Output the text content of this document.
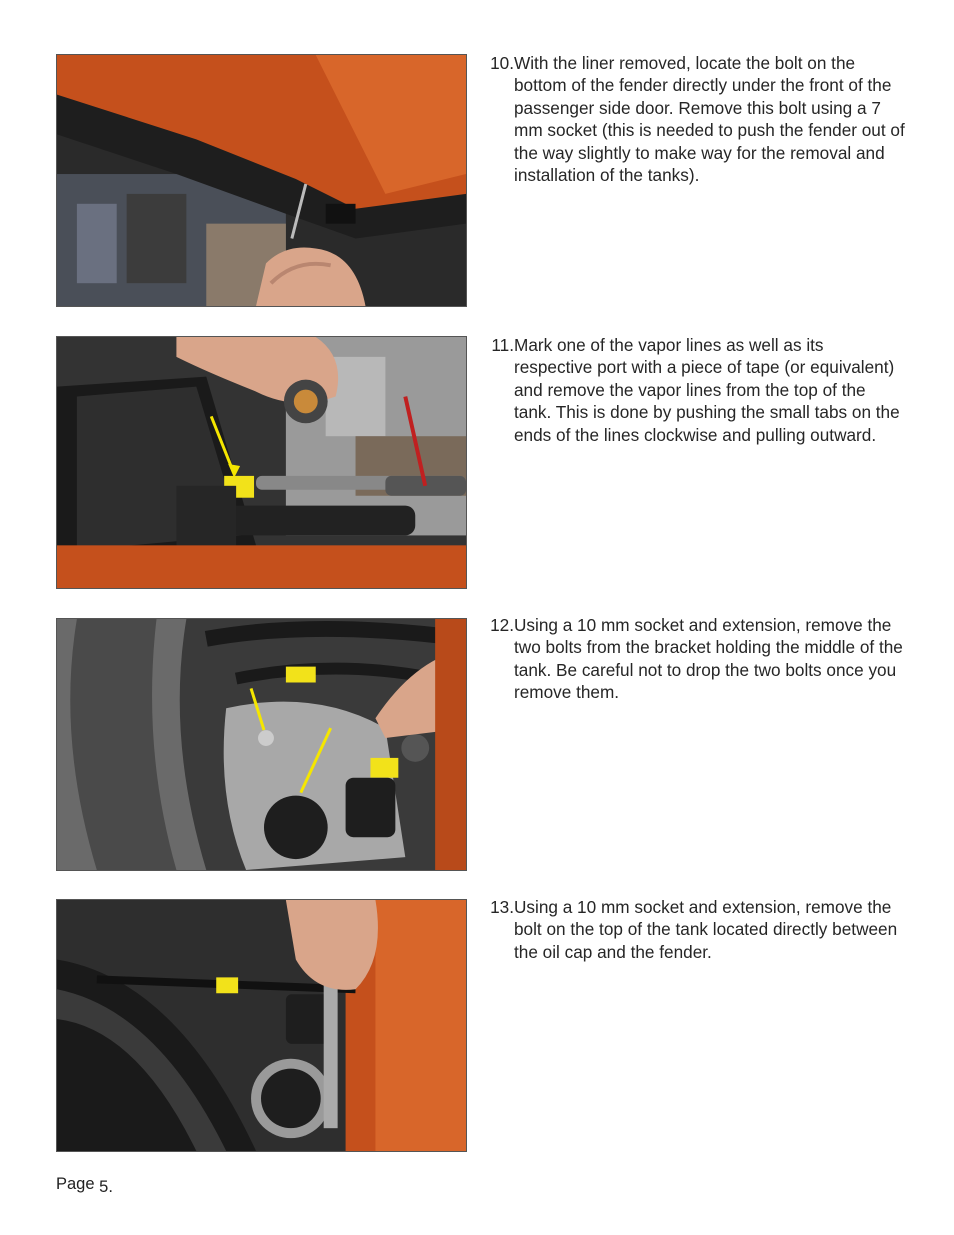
10. With the liner removed, locate the bolt on the bottom of the fender directly under the front of the passenger side door. Remove this bolt using a 7 mm socket (this is needed to push the fender out of the way slightly to make way for the removal and installation of the tanks).
11. Mark one of the vapor lines as well as its respective port with a piece of tape (or equivalent) and remove the vapor lines from the top of the tank. This is done by pushing the small tabs on the ends of the lines clockwise and pulling outward.
12. Using a 10 mm socket and extension, remove the two bolts from the bracket holding the middle of the tank. Be careful not to drop the two bolts once you remove them.
13. Using a 10 mm socket and extension, remove the bolt on the top of the tank located directly between the oil cap and the fender.
Page 5.
